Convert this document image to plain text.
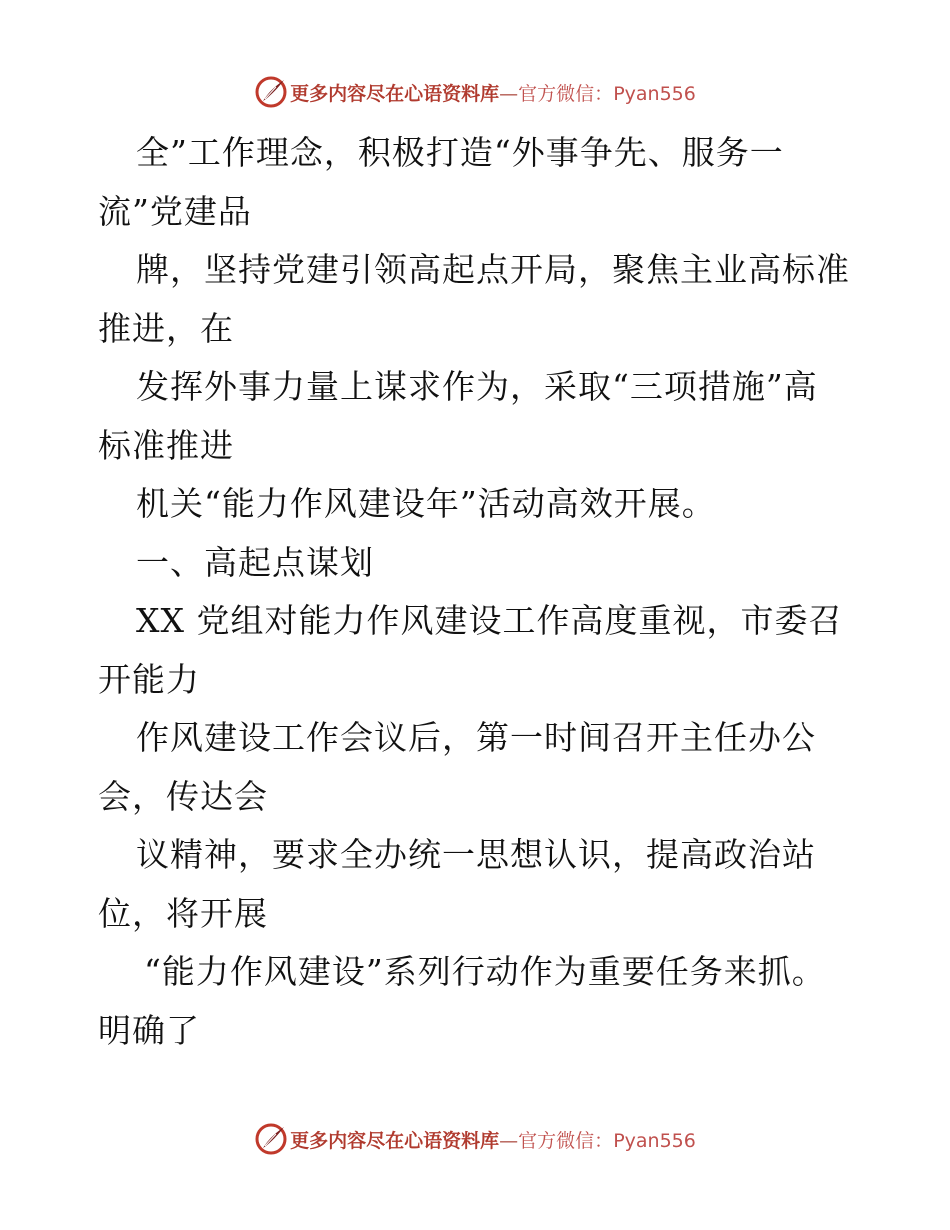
更多内容尽在心语资料库—官方微信：Pyan556
全”工作理念，积极打造“外事争先、服务一
流”党建品
牌，坚持党建引领高起点开局，聚焦主业高标准
推进，在
发挥外事力量上谋求作为，采取“三项措施”高
标准推进
机关“能力作风建设年”活动高效开展。
一、高起点谋划
XX 党组对能力作风建设工作高度重视，市委召
开能力
作风建设工作会议后，第一时间召开主任办公
会，传达会
议精神，要求全办统一思想认识，提高政治站
位，将开展
“能力作风建设”系列行动作为重要任务来抓。
明确了
更多内容尽在心语资料库—官方微信：Pyan556
